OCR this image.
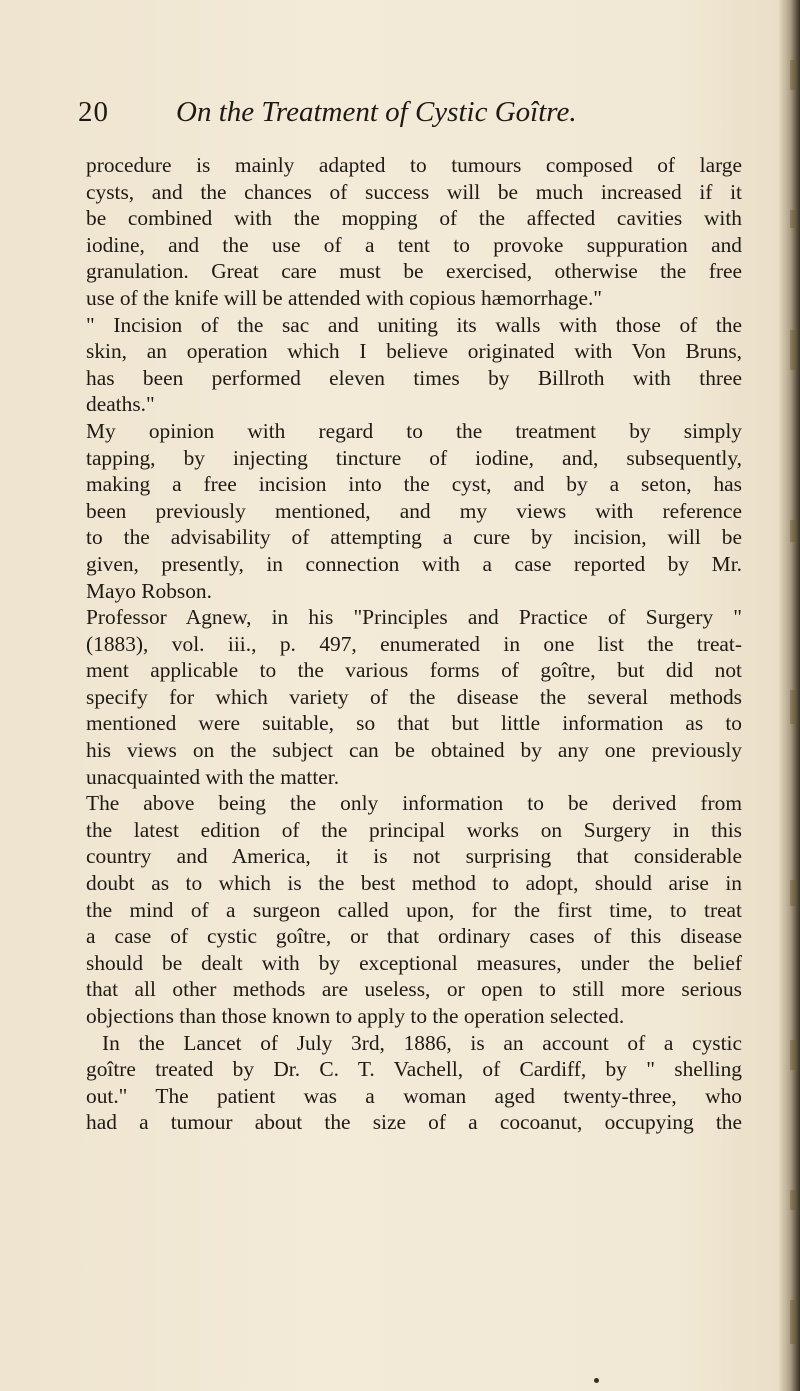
20 On the Treatment of Cystic Goître.
procedure is mainly adapted to tumours composed of large
cysts, and the chances of success will be much increased if it
be combined with the mopping of the affected cavities with
iodine, and the use of a tent to provoke suppuration and
granulation. Great care must be exercised, otherwise the free
use of the knife will be attended with copious hæmorrhage."
" Incision of the sac and uniting its walls with those of the
skin, an operation which I believe originated with Von Bruns,
has been performed eleven times by Billroth with three
deaths."
My opinion with regard to the treatment by simply
tapping, by injecting tincture of iodine, and, subsequently,
making a free incision into the cyst, and by a seton, has
been previously mentioned, and my views with reference
to the advisability of attempting a cure by incision, will be
given, presently, in connection with a case reported by Mr.
Mayo Robson.
Professor Agnew, in his "Principles and Practice of Surgery "
(1883), vol. iii., p. 497, enumerated in one list the treat-
ment applicable to the various forms of goître, but did not
specify for which variety of the disease the several methods
mentioned were suitable, so that but little information as to
his views on the subject can be obtained by any one previously
unacquainted with the matter.
The above being the only information to be derived from
the latest edition of the principal works on Surgery in this
country and America, it is not surprising that considerable
doubt as to which is the best method to adopt, should arise in
the mind of a surgeon called upon, for the first time, to treat
a case of cystic goître, or that ordinary cases of this disease
should be dealt with by exceptional measures, under the belief
that all other methods are useless, or open to still more serious
objections than those known to apply to the operation selected.
In the Lancet of July 3rd, 1886, is an account of a cystic
goître treated by Dr. C. T. Vachell, of Cardiff, by " shelling
out." The patient was a woman aged twenty-three, who
had a tumour about the size of a cocoanut, occupying the
